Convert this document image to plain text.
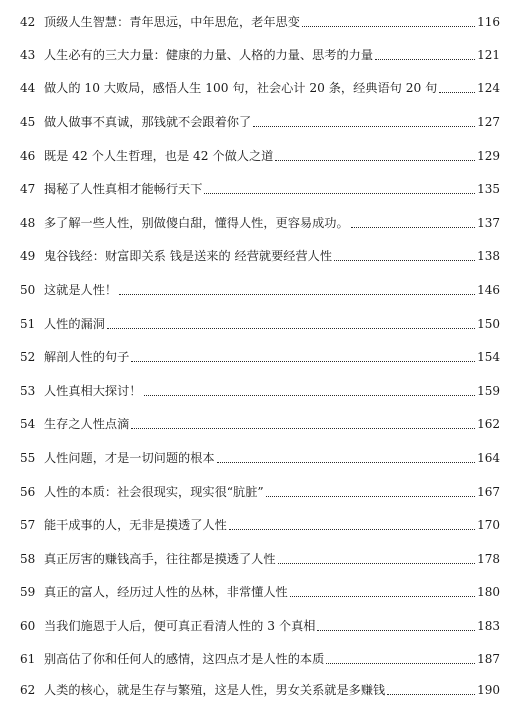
42 顶级人生智慧：青年思远，中年思危，老年思变	116
43 人生必有的三大力量：健康的力量、人格的力量、思考的力量	121
44 做人的 10 大败局，感悟人生 100 句，社会心计 20 条，经典语句 20 句	124
45 做人做事不真诚，那钱就不会跟着你了	127
46 既是 42 个人生哲理，也是 42 个做人之道	129
47 揭秘了人性真相才能畅行天下	135
48 多了解一些人性，别做傻白甜，懂得人性，更容易成功。	137
49 鬼谷钱经：财富即关系 钱是送来的 经营就要经营人性	138
50 这就是人性！	146
51 人性的漏洞	150
52 解剖人性的句子	154
53 人性真相大探讨！	159
54 生存之人性点滴	162
55 人性问题，才是一切问题的根本	164
56 人性的本质：社会很现实，现实很“肮脏”	167
57 能干成事的人，无非是摸透了人性	170
58 真正厉害的赚钱高手，往往都是摸透了人性	178
59 真正的富人，经历过人性的丛林，非常懂人性	180
60 当我们施恩于人后，便可真正看清人性的 3 个真相	183
61 别高估了你和任何人的感情，这四点才是人性的本质	187
62 人类的核心，就是生存与繁殖，这是人性，男女关系就是多赚钱	190
